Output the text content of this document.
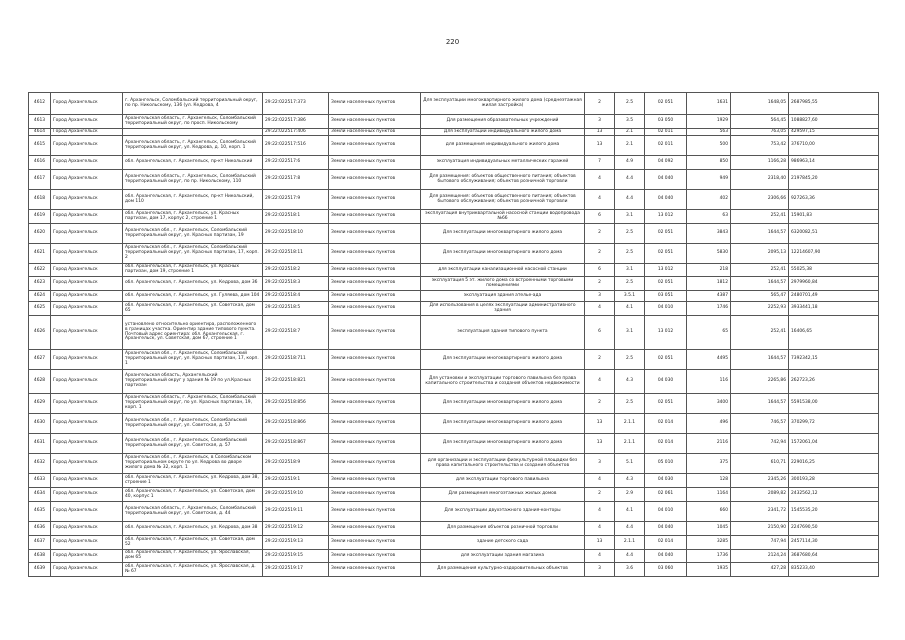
220
4612	Город Архангельск	г. Архангельск, Соломбальский территориальный округ, по пр. Никольскому, 136 (ул. Кедрова, 4	29:22:022517:373	Земли населенных пунктов	Для эксплуатации многоквартирного жилого дома (среднеэтажная жилая застройка)	2	2.5	02 051	1631	1648,05	2687985,55
4613	Город Архангельск	Архангельская область, г. Архангельск, Соломбальский территориальный округ, по просп. Никольскому	29:22:022517:386	Земли населенных пунктов	Для размещения образовательных учреждений	3	3.5	03 050	1929	564,45	1088827,60
4614	Город Архангельск		29:22:022517:406	Земли населенных пунктов	Для эксплуатации индивидуального жилого дома	13	2.1	02 011	563	763,05	429597,15
4615	Город Архангельск	Архангельская область, г. Архангельск, Соломбальский территориальный округ, ул. Кедрова, д. 10, корп. 1	29:22:022517:516	Земли населенных пунктов	для размещения индивидуального жилого дома	13	2.1	02 011	500	753,42	376710,00
4616	Город Архангельск	обл. Архангельская, г. Архангельск, пр-кт Никольский	29:22:022517:6	Земли населенных пунктов	эксплуатация индивидуальных металлических гаражей	7	4.9	04 092	850	1166,28	986963,14
4617	Город Архангельск	Архангельская область, г. Архангельск, Соломбальский территориальный округ, по пр. Никольскому, 110	29:22:022517:8	Земли населенных пунктов	Для размещения: объектов общественного питания; объектов бытового обслуживания; объектов розничной торговли	4	4.4	04 040	949	2318,40	2197845,20
4618	Город Архангельск	обл. Архангельская, г. Архангельск, пр-кт Никольский, дом 110	29:22:022517:9	Земли населенных пунктов	Для размещения: объектов общественного питания; объектов бытового обслуживания; объектов розничной торговли	4	4.4	04 040	402	2306,66	927263,36
4619	Город Архангельск	обл. Архангельская, г. Архангельск, ул. Красных партизан, дом 17, корпус 2, строение 1	29:22:022518:1	Земли населенных пунктов	эксплуатация внутриквартальной насосной станции водопровода №66	6	3.1	13 012	63	252,41	15901,83
4620	Город Архангельск	Архангельская обл., г. Архангельск, Соломбальский территориальный округ, ул. Красных партизан, 19	29:22:022518:10	Земли населенных пунктов	Для эксплуатации многоквартирного жилого дома	2	2.5	02 051	3843	1644,57	6320082,51
4621	Город Архангельск	Архангельская обл., г. Архангельск, Соломбальский территориальный округ, ул. Красных партизан, 17, корп. 2	29:22:022518:11	Земли населенных пунктов	Для эксплуатации многоквартирного жилого дома	2	2.5	02 051	5830	2095,13	12214607,90
4622	Город Архангельск	обл. Архангельская, г. Архангельск, ул. Красных партизан, дом 19, строение 1	29:22:022518:2	Земли населенных пунктов	для эксплуатации канализационной насосной станции	6	3.1	13 012	218	252,41	55025,38
4623	Город Архангельск	обл. Архангельская, г. Архангельск, ул. Кедрова, дом 36	29:22:022518:3	Земли населенных пунктов	эксплуатация 5 эт. жилого дома со встроенными торговыми помещениями	2	2.5	02 051	1812	1644,57	2979960,84
4624	Город Архангельск	обл. Архангельская, г. Архангельск, ул. Гуляева, дом 104	29:22:022518:4	Земли населенных пунктов	эксплуатация здания ателье-ада	3	3.5.1	03 051	4387	565,47	2480701,49
4625	Город Архангельск	обл. Архангельская, г. Архангельск, ул. Советская, дом 65	29:22:022518:5	Земли населенных пунктов	Для использования в целях эксплуатации административного здания	4	4.1	04 010	1746	2252,93	3933441,18
4626	Город Архангельск	установлено относительно ориентира, расположенного в границах участка. Ориентир здание типового пункта. Почтовый адрес ориентира: обл. Архангельская, г. Архангельск, ул. Советская, дом 67, строение 1	29:22:022518:7	Земли населенных пунктов	эксплуатация здания типового пункта	6	3.1	13 012	65	252,41	16406,65
4627	Город Архангельск	Архангельская обл., г. Архангельск, Соломбальский территориальный округ, ул. Красных партизан, 17, корп. 1	29:22:022518:711	Земли населенных пунктов	Для эксплуатации многоквартирного жилого дома	2	2.5	02 051	4495	1644,57	7392342,15
4628	Город Архангельск	Архангельская область, Архангельский территориальный округ у здания № 19 по ул.Красных партизан	29:22:022518:821	Земли населенных пунктов	Для установки и эксплуатации торгового павильона без права капитального строительства и создания объектов недвижимости	4	4.3	04 030	116	2265,86	262723,26
4629	Город Архангельск	Архангельская область, г. Архангельск, Соломбальский территориальный округ, по ул. Красных партизан, 19, корп. 1	29:22:022518:856	Земли населенных пунктов	Для эксплуатации многоквартирного жилого дома	2	2.5	02 051	3400	1644,57	5591538,00
4630	Город Архангельск	Архангельская обл., г. Архангельск, Соломбальский территориальный округ, ул. Советская, д. 57	29:22:022518:866	Земли населенных пунктов	Для эксплуатации многоквартирного жилого дома	13	2.1.1	02 014	496	746,57	370299,72
4631	Город Архангельск	Архангельская обл., г. Архангельск, Соломбальский территориальный округ, ул. Советская, д. 57	29:22:022518:867	Земли населенных пунктов	Для эксплуатации многоквартирного жилого дома	13	2.1.1	02 014	2116	742,94	1572061,04
4632	Город Архангельск	Архангельская обл., г. Архангельск, в Соломбальском территориальном округе по ул. Кедрова во дворе жилого дома № 32, корп. 1	29:22:022518:9	Земли населенных пунктов	для организации и эксплуатации физкультурной площадки без права капитального строительства и создания объектов	3	5.1	05 010	375	610,71	229016,25
4633	Город Архангельск	обл. Архангельская, г. Архангельск, ул. Кедрова, дом 38, строение 1	29:22:022519:1	Земли населенных пунктов	для эксплуатации торгового павильона	4	4.3	04 030	128	2345,26	300193,28
4634	Город Архангельск	обл. Архангельская, г. Архангельск, ул. Советская, дом 40, корпус 1	29:22:022519:10	Земли населенных пунктов	Для размещения многоэтажных жилых домов	2	2.9	02 061	1164	2089,82	2432562,12
4635	Город Архангельск	Архангельская область, г. Архангельск, Соломбальский территориальный округ, ул. Советская, д. 44	29:22:022519:11	Земли населенных пунктов	Для эксплуатации двухэтажного здания-конторы	4	4.1	04 010	660	2341,72	1545535,20
4636	Город Архангельск	обл. Архангельская, г. Архангельск, ул. Кедрова, дом 38	29:22:022519:12	Земли населенных пунктов	Для размещения объектов розничной торговли	4	4.4	04 040	1045	2150,90	2247690,50
4637	Город Архангельск	обл. Архангельская, г. Архангельск, ул. Советская, дом 52	29:22:022519:13	Земли населенных пунктов	здание детского сада	13	2.1.1	02 014	3285	747,94	2457114,30
4638	Город Архангельск	обл. Архангельская, г. Архангельск, ул. Ярославская, дом 65	29:22:022519:15	Земли населенных пунктов	для эксплуатации здания магазина	4	4.4	04 040	1736	2124,24	3687680,64
4639	Город Архангельск	обл. Архангельская, г. Архангельск, ул. Ярославская, д. № 67	29:22:022519:17	Земли населенных пунктов	Для размещения культурно-оздоровительных объектов	3	3.6	03 060	1935	427,28	835233,40
